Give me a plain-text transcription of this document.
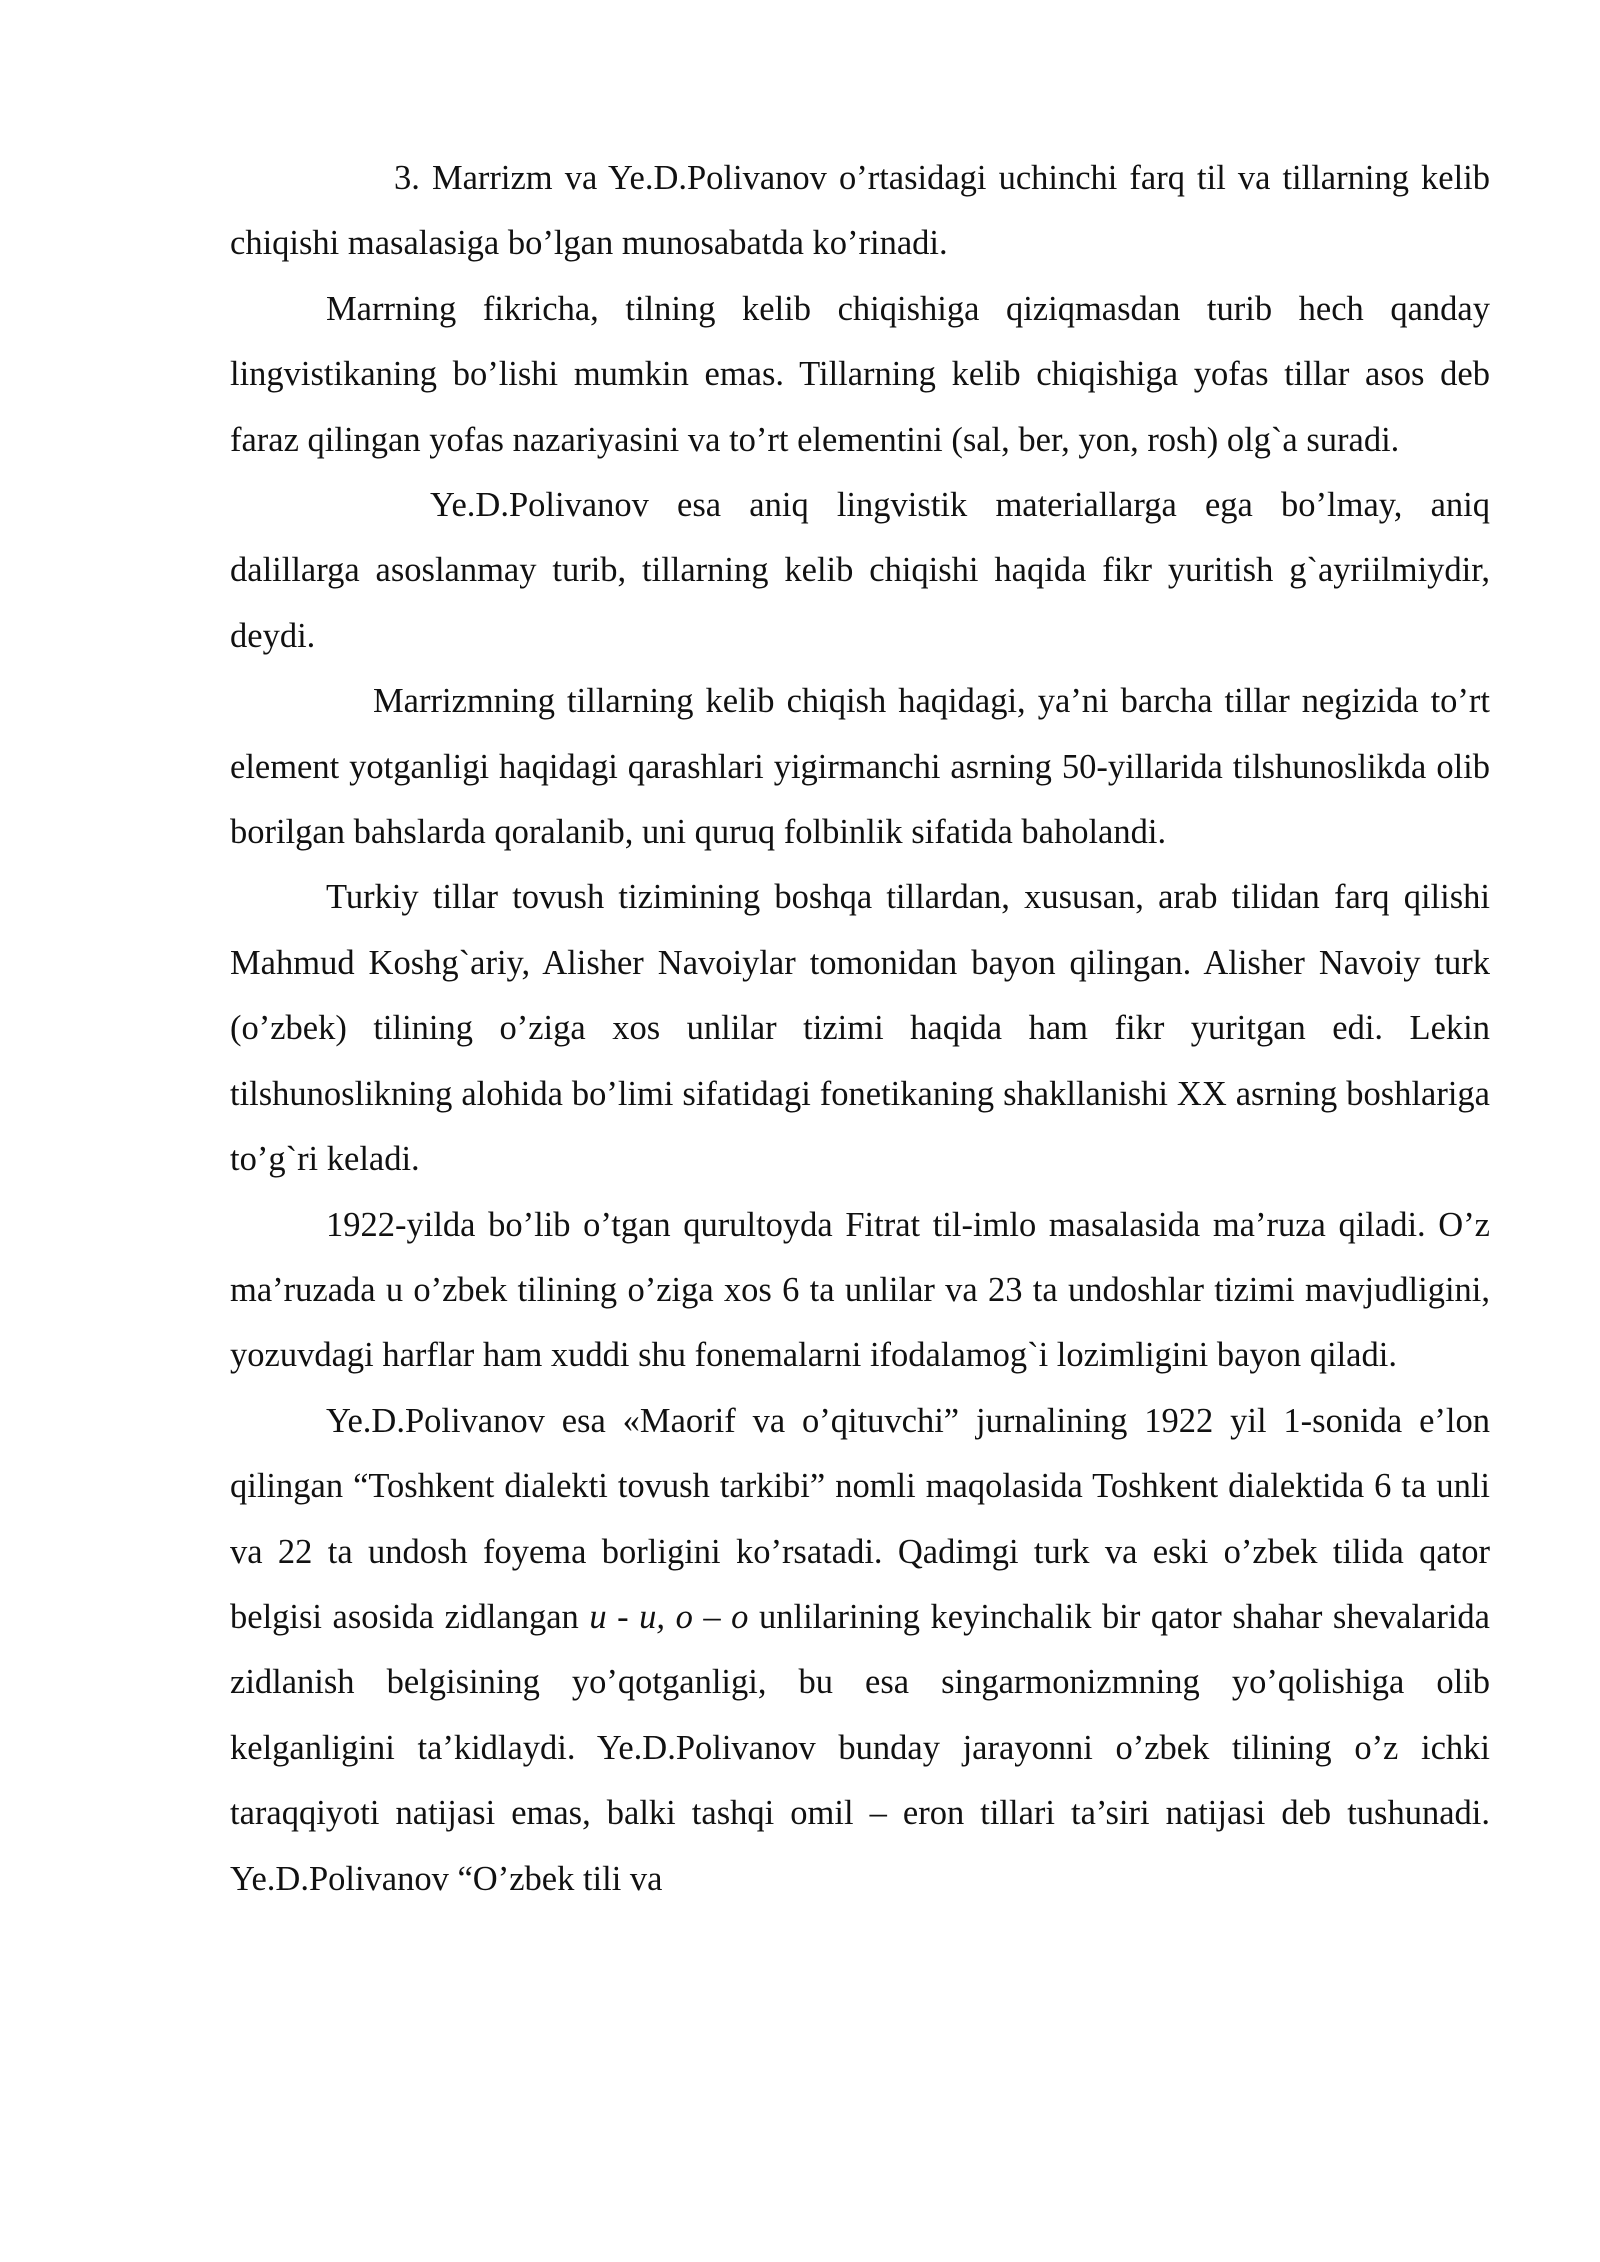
3. Marrizm va Ye.D.Polivanov o’rtasidagi uchinchi farq til va tillarning kelib chiqishi masalasiga bo’lgan munosabatda ko’rinadi.

Marrning fikricha, tilning kelib chiqishiga qiziqmasdan turib hech qanday lingvistikaning bo’lishi mumkin emas. Tillarning kelib chiqishiga yofas tillar asos deb faraz qilingan yofas nazariyasini va to’rt elementini (sal, ber, yon, rosh) olg`a suradi.

Ye.D.Polivanov esa aniq lingvistik materiallarga ega bo’lmay, aniq dalillarga asoslanmay turib, tillarning kelib chiqishi haqida fikr yuritish g`ayriilmiydir, deydi.

Marrizmning tillarning kelib chiqish haqidagi, ya’ni barcha tillar negizida to’rt element yotganligi haqidagi qarashlari yigirmanchi asrning 50-yillarida tilshunoslikda olib borilgan bahslarda qoralanib, uni quruq folbinlik sifatida baholandi.

Turkiy tillar tovush tizimining boshqa tillardan, xususan, arab tilidan farq qilishi Mahmud Koshg`ariy, Alisher Navoiylar tomonidan bayon qilingan. Alisher Navoiy turk (o’zbek) tilining o’ziga xos unlilar tizimi haqida ham fikr yuritgan edi. Lekin tilshunoslikning alohida bo’limi sifatidagi fonetikaning shakllanishi XX asrning boshlariga to’g`ri keladi.

1922-yilda bo’lib o’tgan qurultoyda Fitrat til-imlo masalasida ma’ruza qiladi. O’z ma’ruzada u o’zbek tilining o’ziga xos 6 ta unlilar va 23 ta undoshlar tizimi mavjudligini, yozuvdagi harflar ham xuddi shu fonemalarni ifodalamog`i lozimligini bayon qiladi.

Ye.D.Polivanov esa «Maorif va o’qituvchi” jurnalining 1922 yil 1-sonida e’lon qilingan “Toshkent dialekti tovush tarkibi” nomli maqolasida Toshkent dialektida 6 ta unli va 22 ta undosh foyema borligini ko’rsatadi. Qadimgi turk va eski o’zbek tilida qator belgisi asosida zidlangan u - u, o – o unlilarining keyinchalik bir qator shahar shevalarida zidlanish belgisining yo’qotganligi, bu esa singarmonizmning yo’qolishiga olib kelganligini ta’kidlaydi. Ye.D.Polivanov bunday jarayonni o’zbek tilining o’z ichki taraqqiyoti natijasi emas, balki tashqi omil – eron tillari ta’siri natijasi deb tushunadi. Ye.D.Polivanov “O’zbek tili va
